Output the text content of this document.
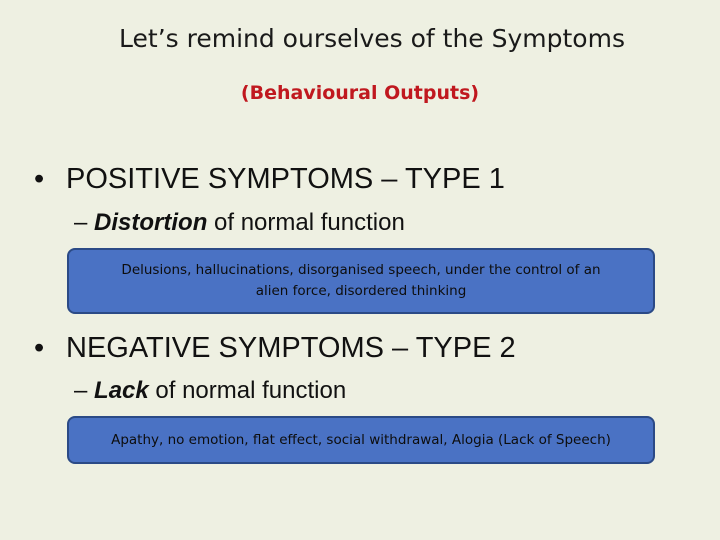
Let’s remind ourselves of the Symptoms
(Behavioural Outputs)
• POSITIVE SYMPTOMS – TYPE 1
– Distortion of normal function
Delusions, hallucinations, disorganised speech, under the control of an alien force, disordered thinking
• NEGATIVE SYMPTOMS – TYPE 2
– Lack of normal function
Apathy, no emotion, flat effect, social withdrawal, Alogia (Lack of Speech)
